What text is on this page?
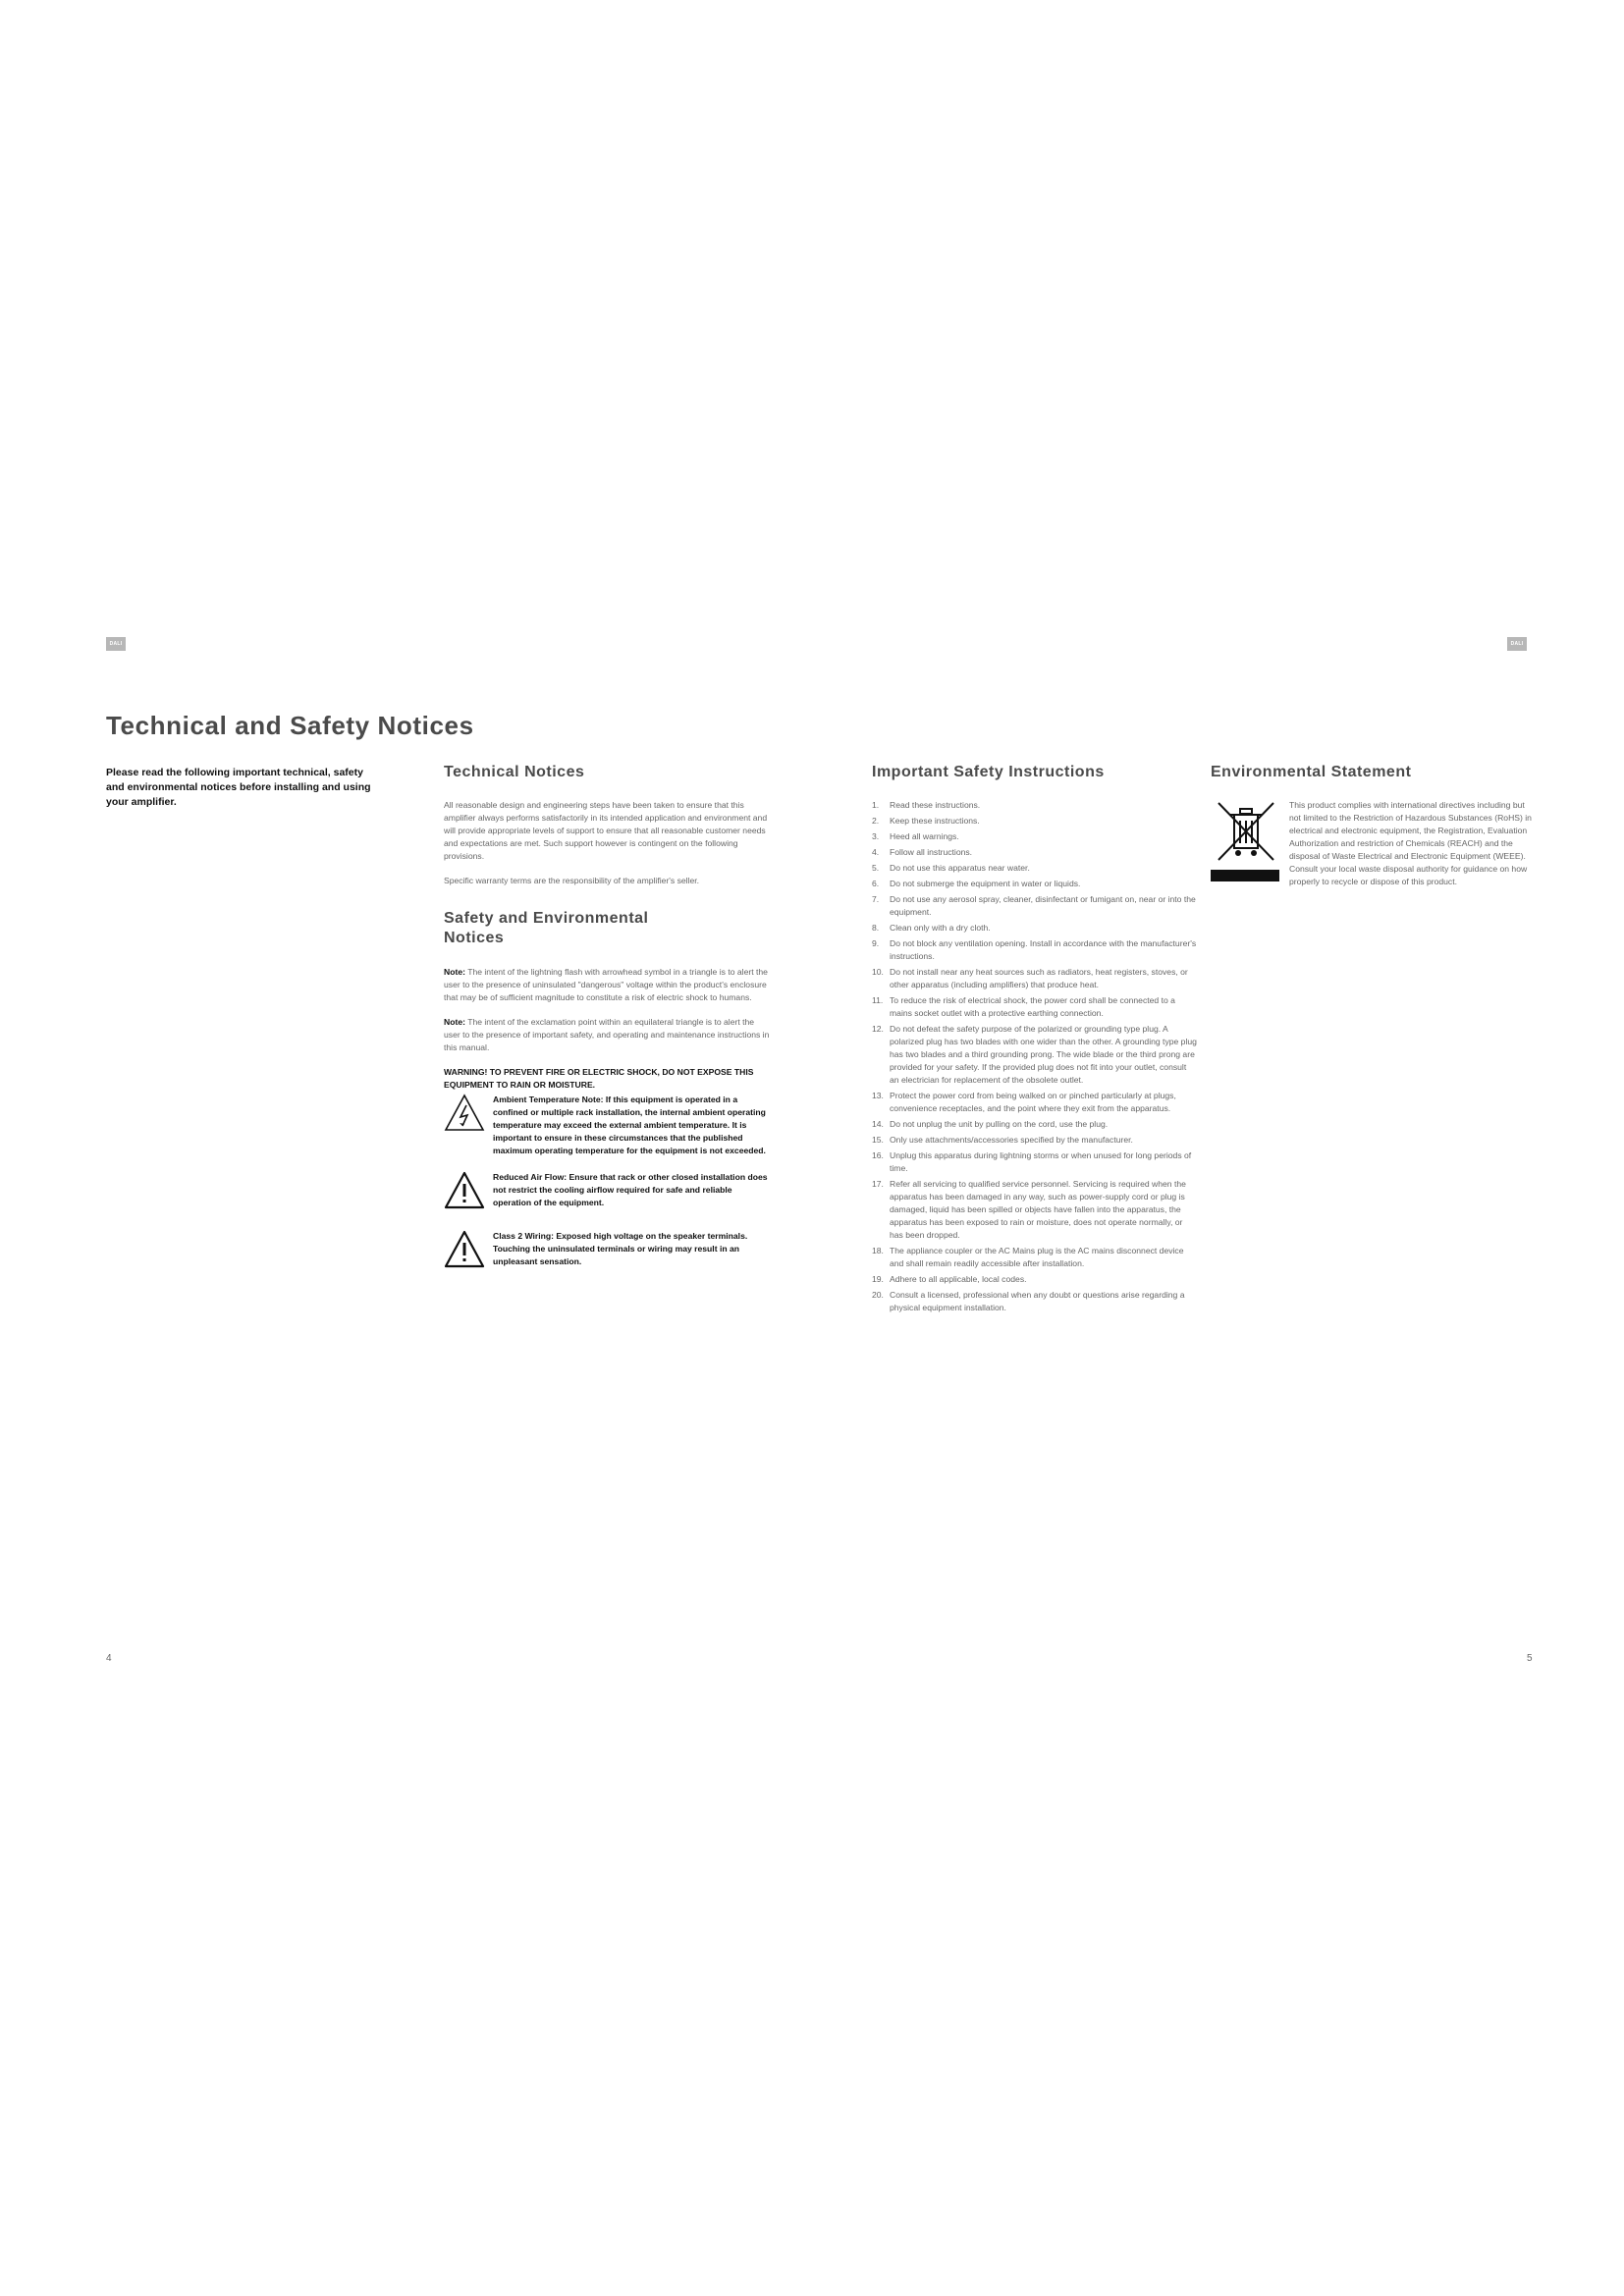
DALI	DALI
Technical and Safety Notices

Please read the following important technical, safety and environmental notices before installing and using your amplifier.

Technical Notices

All reasonable design and engineering steps have been taken to ensure that this amplifier always performs satisfactorily in its intended application and environment and will provide appropriate levels of support to ensure that all reasonable customer needs and expectations are met. Such support however is contingent on the following provisions.

Specific warranty terms are the responsibility of the amplifier's seller.

Safety and Environmental Notices

Note: The intent of the lightning flash with arrowhead symbol in a triangle is to alert the user to the presence of uninsulated "dangerous" voltage within the product's enclosure that may be of sufficient magnitude to constitute a risk of electric shock to humans.

Note: The intent of the exclamation point within an equilateral triangle is to alert the user to the presence of important safety, and operating and maintenance instructions in this manual.

WARNING! TO PREVENT FIRE OR ELECTRIC SHOCK, DO NOT EXPOSE THIS EQUIPMENT TO RAIN OR MOISTURE.

Ambient Temperature Note: If this equipment is operated in a confined or multiple rack installation, the internal ambient operating temperature may exceed the external ambient temperature. It is important to ensure in these circumstances that the published maximum operating temperature for the equipment is not exceeded.
Reduced Air Flow: Ensure that rack or other closed installation does not restrict the cooling airflow required for safe and reliable operation of the equipment.
Class 2 Wiring: Exposed high voltage on the speaker terminals. Touching the uninsulated terminals or wiring may result in an unpleasant sensation.
Important Safety Instructions
1.	Read these instructions.
2.	Keep these instructions.
3.	Heed all warnings.
4.	Follow all instructions.
5.	Do not use this apparatus near water.
6.	Do not submerge the equipment in water or liquids.
7.	Do not use any aerosol spray, cleaner, disinfectant or fumigant on, near or into the equipment.
8.	Clean only with a dry cloth.
9.	Do not block any ventilation opening. Install in accordance with the manufacturer's instructions.
10. Do not install near any heat sources such as radiators, heat registers, stoves, or other apparatus (including amplifiers) that produce heat.
11. To reduce the risk of electrical shock, the power cord shall be connected to a mains socket outlet with a protective earthing connection.
12. Do not defeat the safety purpose of the polarized or grounding type plug. A polarized plug has two blades with one wider than the other. A grounding type plug has two blades and a third grounding prong. The wide blade or the third prong are provided for your safety. If the provided plug does not fit into your outlet, consult an electrician for replacement of the obsolete outlet.
13. Protect the power cord from being walked on or pinched particularly at plugs, convenience receptacles, and the point where they exit from the apparatus.
14. Do not unplug the unit by pulling on the cord, use the plug.
15. Only use attachments/accessories specified by the manufacturer.
16. Unplug this apparatus during lightning storms or when unused for long periods of time.
17. Refer all servicing to qualified service personnel. Servicing is required when the apparatus has been damaged in any way, such as power-supply cord or plug is damaged, liquid has been spilled or objects have fallen into the apparatus, the apparatus has been exposed to rain or moisture, does not operate normally, or has been dropped.
18. The appliance coupler or the AC Mains plug is the AC mains disconnect device and shall remain readily accessible after installation.
19. Adhere to all applicable, local codes.
20. Consult a licensed, professional when any doubt or questions arise regarding a physical equipment installation.
Environmental Statement

This product complies with international directives including but not limited to the Restriction of Hazardous Substances (RoHS) in electrical and electronic equipment, the Registration, Evaluation Authorization and restriction of Chemicals (REACH) and the disposal of Waste Electrical and Electronic Equipment (WEEE). Consult your local waste disposal authority for guidance on how properly to recycle or dispose of this product.

4	5
